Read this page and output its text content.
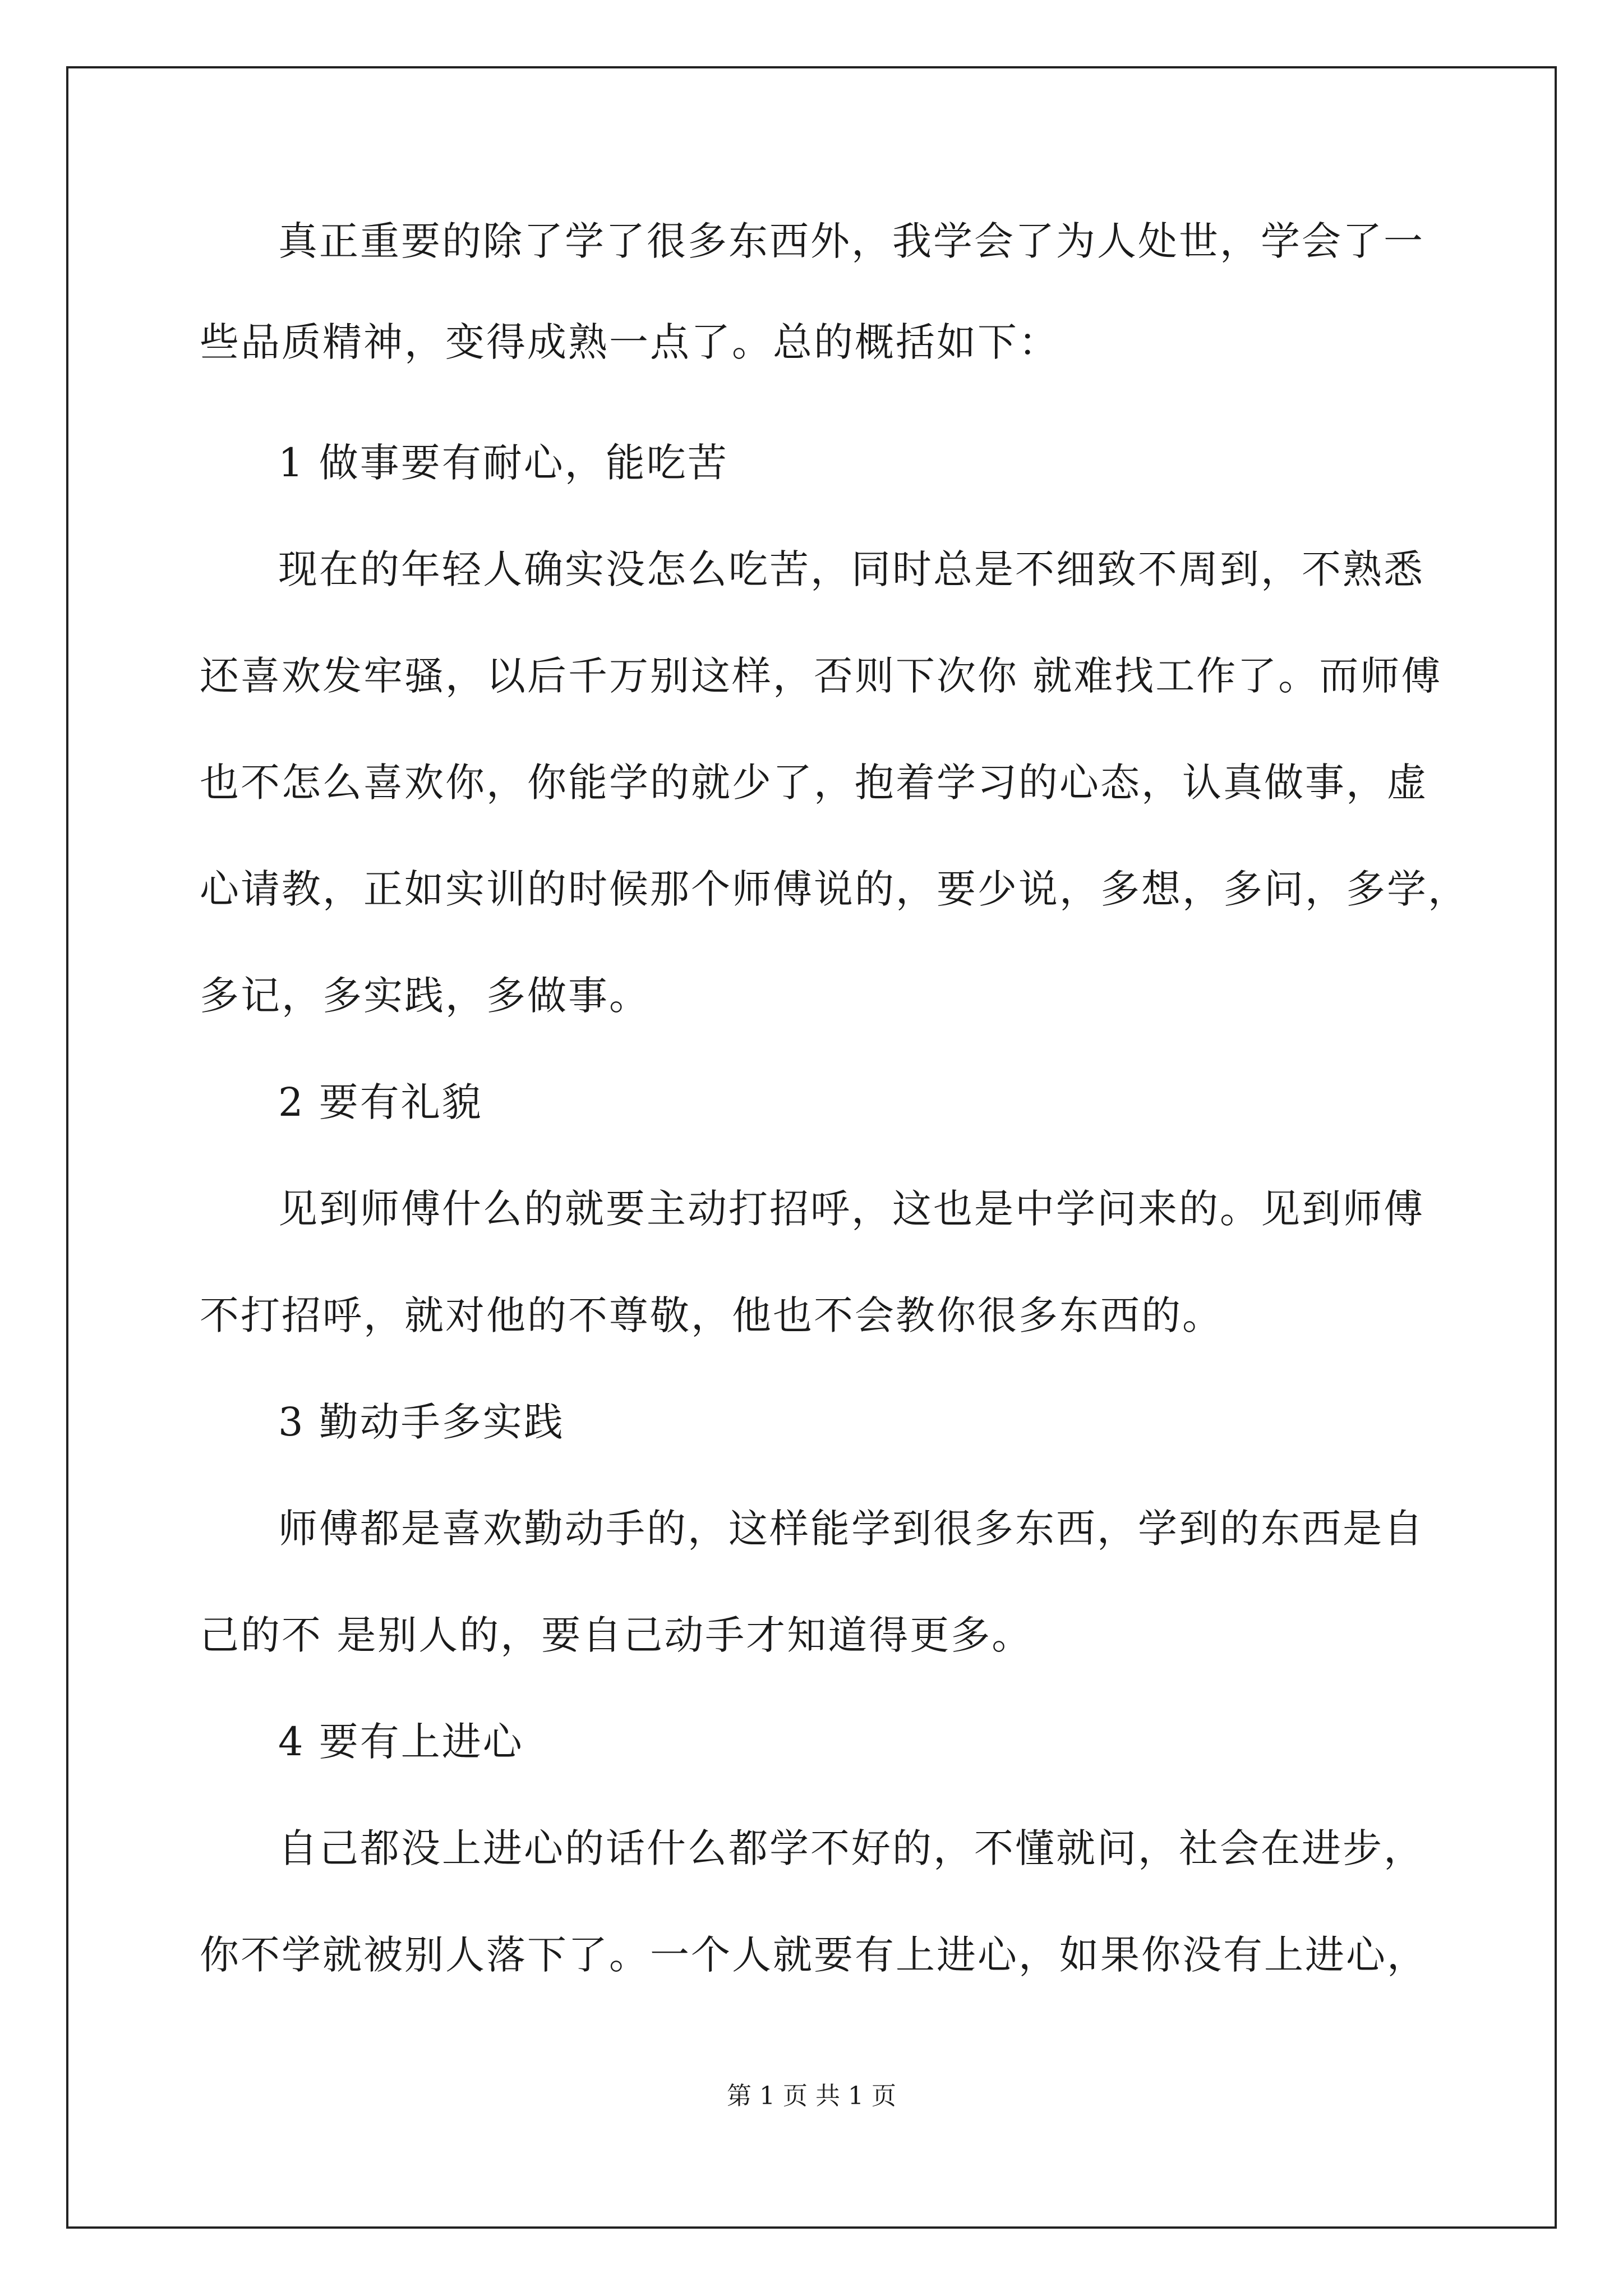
真正重要的除了学了很多东西外，我学会了为人处世，学会了一
些品质精神，变得成熟一点了。总的概括如下：
1 做事要有耐心，能吃苦
现在的年轻人确实没怎么吃苦，同时总是不细致不周到，不熟悉
还喜欢发牢骚，以后千万别这样，否则下次你 就难找工作了。而师傅
也不怎么喜欢你，你能学的就少了，抱着学习的心态，认真做事，虚
心请教，正如实训的时候那个师傅说的，要少说，多想，多问，多学，
多记，多实践，多做事。
2 要有礼貌
见到师傅什么的就要主动打招呼，这也是中学问来的。见到师傅
不打招呼，就对他的不尊敬，他也不会教你很多东西的。
3 勤动手多实践
师傅都是喜欢勤动手的，这样能学到很多东西，学到的东西是自
己的不 是别人的，要自己动手才知道得更多。
4 要有上进心
自己都没上进心的话什么都学不好的，不懂就问，社会在进步，
你不学就被别人落下了。一个人就要有上进心，如果你没有上进心，
第 1 页 共 1 页
